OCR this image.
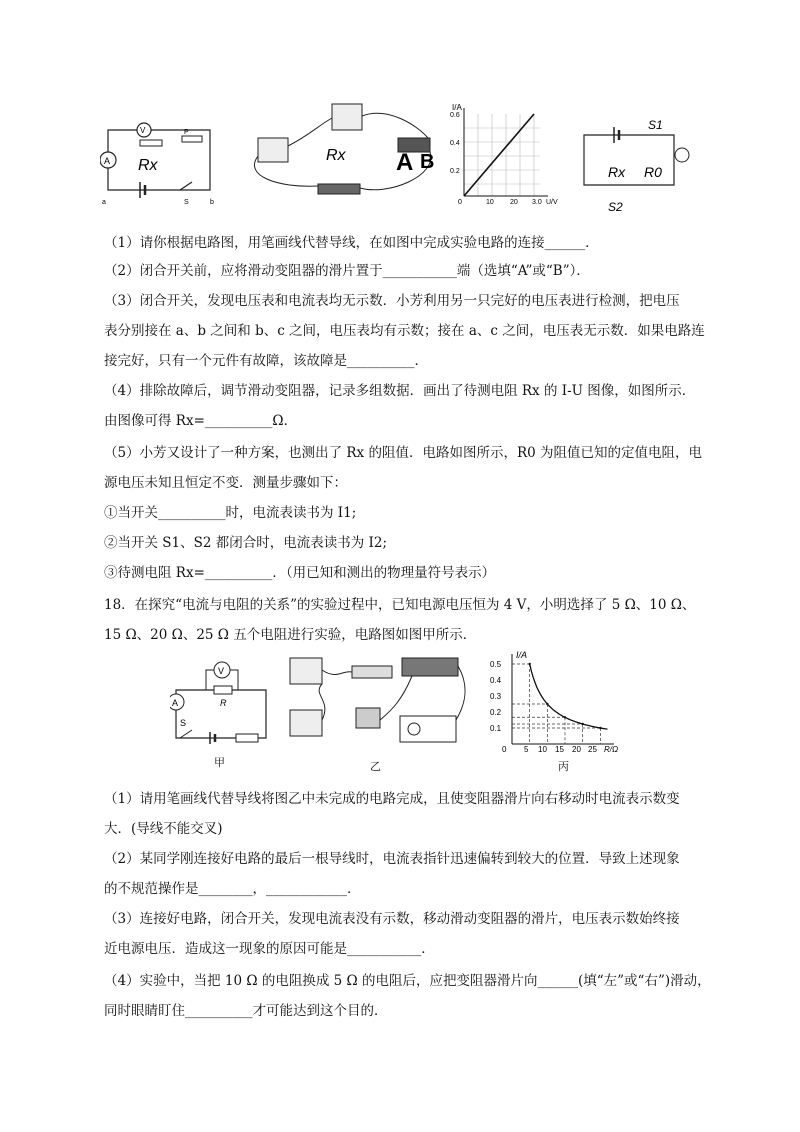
A
V	P
Rx
a	S	b
Rx A B
I/A
0.6
0.4
0.2
0	10 20 3.0 U/V
S1
S2
Rx R0
（1）请你根据电路图，用笔画线代替导线，在如图中完成实验电路的连接______．
（2）闭合开关前，应将滑动变阻器的滑片置于___________端（选填“A”或“B”）．
（3）闭合开关，发现电压表和电流表均无示数．小芳利用另一只完好的电压表进行检测，把电压
表分别接在 a、b 之间和 b、c 之间，电压表均有示数；接在 a、c 之间，电压表无示数．如果电路连
接完好，只有一个元件有故障，该故障是__________．
（4）排除故障后，调节滑动变阻器，记录多组数据．画出了待测电阻 Rx 的 I-U 图像，如图所示．
由图像可得 Rx=__________Ω．
（5）小芳又设计了一种方案，也测出了 Rx 的阻值．电路如图所示，R0 为阻值已知的定值电阻，电
源电压未知且恒定不变．测量步骤如下：
①当开关__________时，电流表读书为 I1;
②当开关 S1、S2 都闭合时，电流表读书为 I2;
③待测电阻 Rx=__________．（用已知和测出的物理量符号表示）
18．在探究“电流与电阻的关系”的实验过程中，已知电源电压恒为 4 V，小明选择了 5 Ω、10 Ω、
15 Ω、20 Ω、25 Ω 五个电阻进行实验，电路图如图甲所示．
A
V
R
S
甲	乙
I/A
0.5
0.4
0.3
0.2
0.1
0 5 10 15 20 25 R/Ω
丙
（1）请用笔画线代替导线将图乙中未完成的电路完成，且使变阻器滑片向右移动时电流表示数变
大．(导线不能交叉)
（2）某同学刚连接好电路的最后一根导线时，电流表指针迅速偏转到较大的位置．导致上述现象
的不规范操作是________，____________．
（3）连接好电路，闭合开关，发现电流表没有示数，移动滑动变阻器的滑片，电压表示数始终接
近电源电压．造成这一现象的原因可能是___________．
（4）实验中，当把 10 Ω 的电阻换成 5 Ω 的电阻后，应把变阻器滑片向______(填“左”或“右”)滑动，
同时眼睛盯住__________才可能达到这个目的．
